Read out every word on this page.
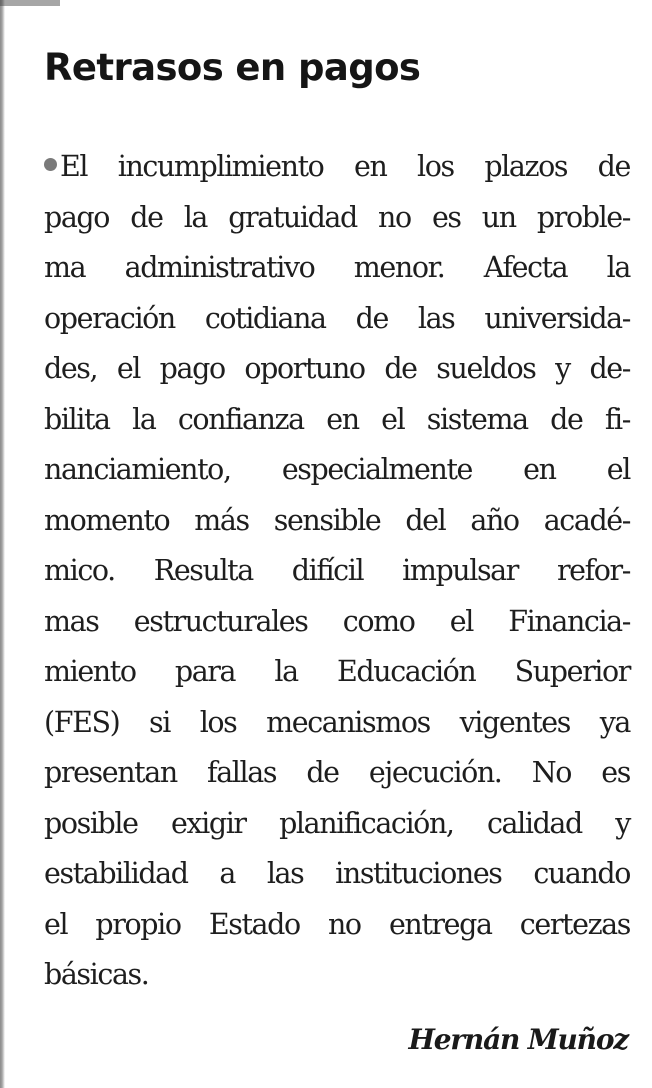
Retrasos en pagos
El incumplimiento en los plazos de
pago de la gratuidad no es un proble-
ma administrativo menor. Afecta la
operación cotidiana de las universida-
des, el pago oportuno de sueldos y de-
bilita la confianza en el sistema de fi-
nanciamiento, especialmente en el
momento más sensible del año acadé-
mico. Resulta difícil impulsar refor-
mas estructurales como el Financia-
miento para la Educación Superior
(FES) si los mecanismos vigentes ya
presentan fallas de ejecución. No es
posible exigir planificación, calidad y
estabilidad a las instituciones cuando
el propio Estado no entrega certezas
básicas.

Hernán Muñoz
